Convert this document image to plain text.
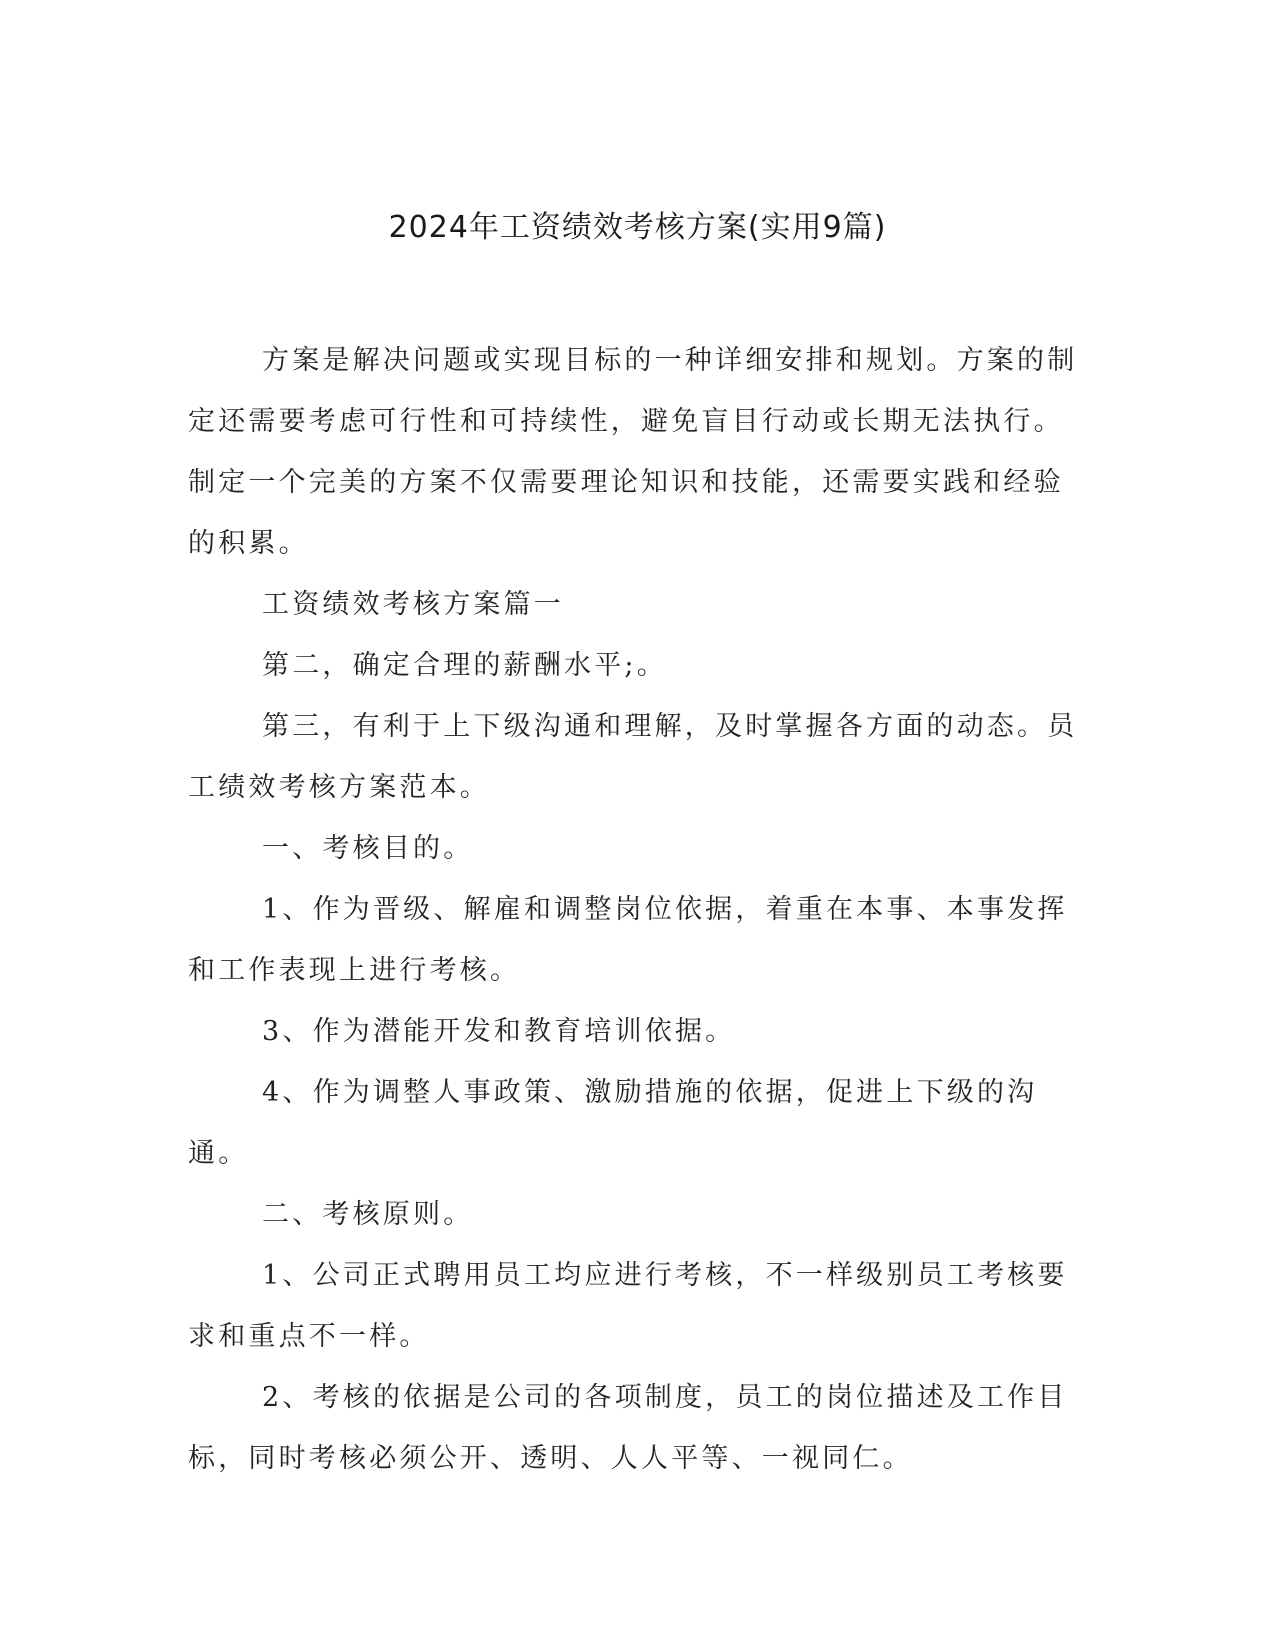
2024年工资绩效考核方案(实用9篇)

方案是解决问题或实现目标的一种详细安排和规划。方案的制定还需要考虑可行性和可持续性，避免盲目行动或长期无法执行。制定一个完美的方案不仅需要理论知识和技能，还需要实践和经验的积累。

工资绩效考核方案篇一

第二，确定合理的薪酬水平;。

第三，有利于上下级沟通和理解，及时掌握各方面的动态。员工绩效考核方案范本。

一、考核目的。

1、作为晋级、解雇和调整岗位依据，着重在本事、本事发挥和工作表现上进行考核。

3、作为潜能开发和教育培训依据。

4、作为调整人事政策、激励措施的依据，促进上下级的沟通。

二、考核原则。

1、公司正式聘用员工均应进行考核，不一样级别员工考核要求和重点不一样。

2、考核的依据是公司的各项制度，员工的岗位描述及工作目标，同时考核必须公开、透明、人人平等、一视同仁。
